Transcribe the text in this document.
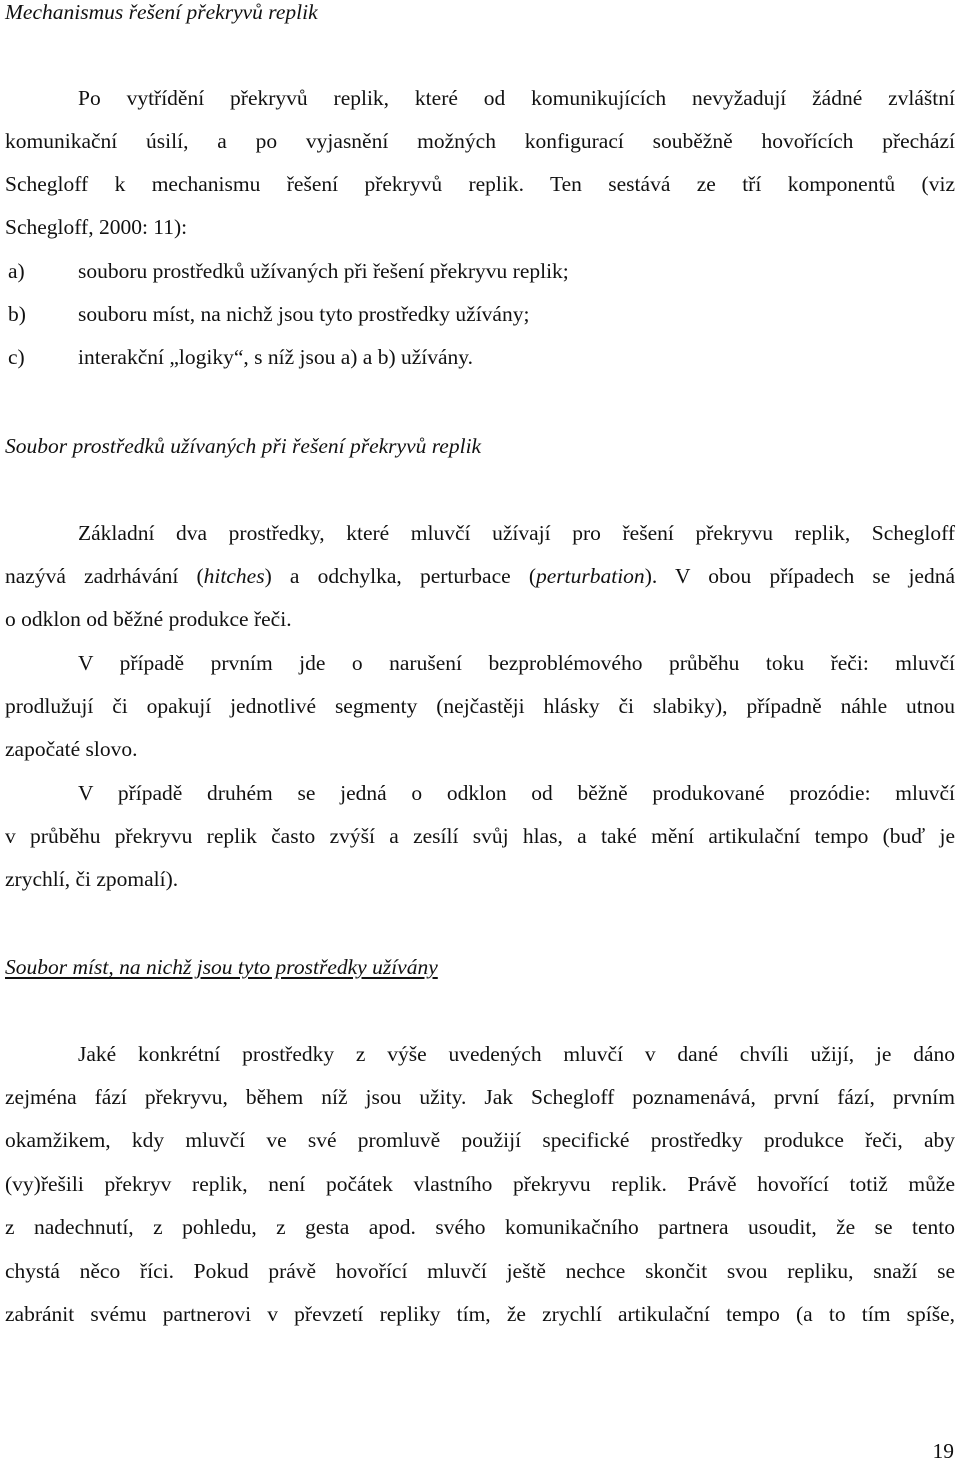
Mechanismus řešení překryvů replik
Po vytřídění překryvů replik, které od komunikujících nevyžadují žádné zvláštní
komunikační úsilí, a po vyjasnění možných konfigurací souběžně hovořících přechází
Schegloff k mechanismu řešení překryvů replik. Ten sestává ze tří komponentů (viz
Schegloff, 2000: 11):
a) souboru prostředků užívaných při řešení překryvu replik;
b) souboru míst, na nichž jsou tyto prostředky užívány;
c) interakční „logiky“, s níž jsou a) a b) užívány.
Soubor prostředků užívaných při řešení překryvů replik
Základní dva prostředky, které mluvčí užívají pro řešení překryvu replik, Schegloff
nazývá zadrhávání (hitches) a odchylka, perturbace (perturbation). V obou případech se jedná
o odklon od běžné produkce řeči.
V případě prvním jde o narušení bezproblémového průběhu toku řeči: mluvčí
prodlužují či opakují jednotlivé segmenty (nejčastěji hlásky či slabiky), případně náhle utnou
započaté slovo.
V případě druhém se jedná o odklon od běžně produkované prozódie: mluvčí
v průběhu překryvu replik často zvýší a zesílí svůj hlas, a také mění artikulační tempo (buď je
zrychlí, či zpomalí).
Soubor míst, na nichž jsou tyto prostředky užívány
Jaké konkrétní prostředky z výše uvedených mluvčí v dané chvíli užijí, je dáno
zejména fází překryvu, během níž jsou užity. Jak Schegloff poznamenává, první fází, prvním
okamžikem, kdy mluvčí ve své promluvě použijí specifické prostředky produkce řeči, aby
(vy)řešili překryv replik, není počátek vlastního překryvu replik. Právě hovořící totiž může
z nadechnutí, z pohledu, z gesta apod. svého komunikačního partnera usoudit, že se tento
chystá něco říci. Pokud právě hovořící mluvčí ještě nechce skončit svou repliku, snaží se
zabránit svému partnerovi v převzetí repliky tím, že zrychlí artikulační tempo (a to tím spíše,
19
